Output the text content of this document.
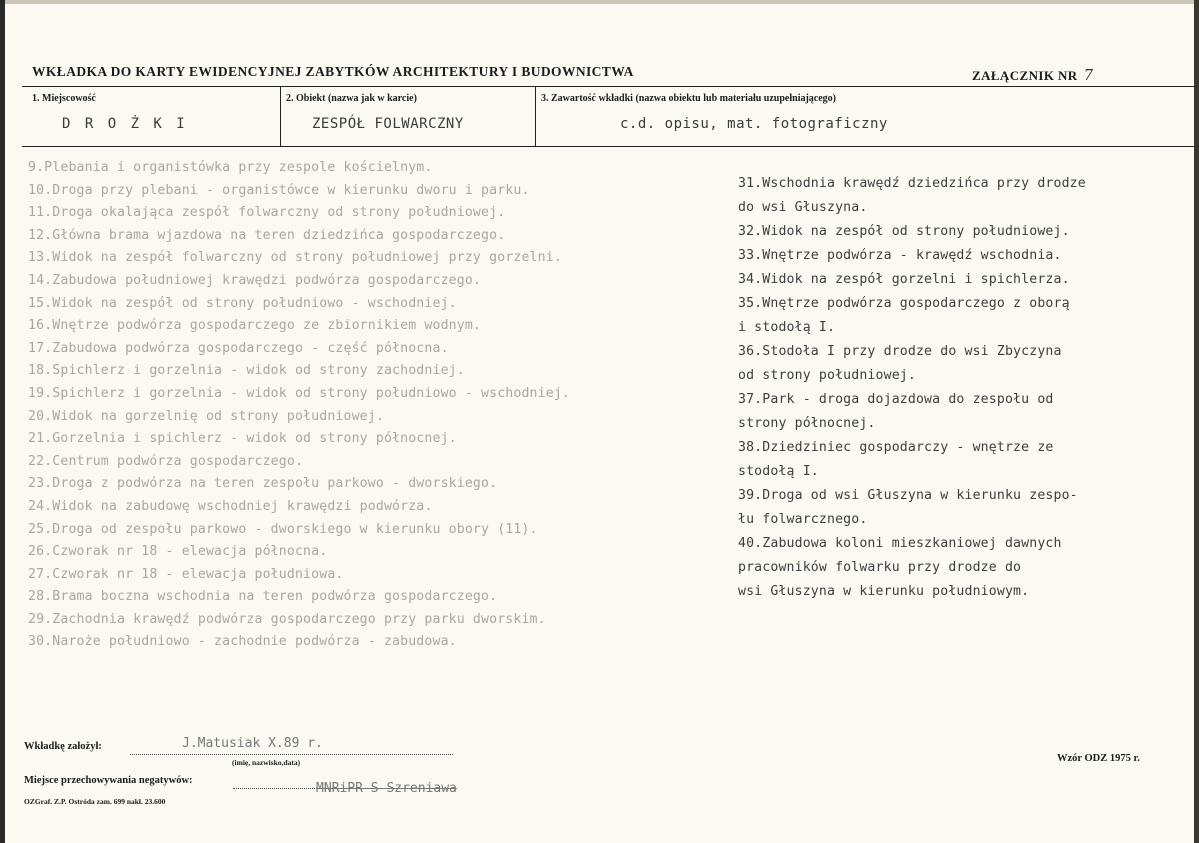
WKŁADKA DO KARTY EWIDENCYJNEJ ZABYTKÓW ARCHITEKTURY I BUDOWNICTWA	ZAŁĄCZNIK NR 7
1. Miejscowość	2. Obiekt (nazwa jak w karcie)	3. Zawartość wkładki (nazwa obiektu lub materiału uzupełniającego)
D R O Ż K I	ZESPÓŁ FOLWARCZNY	c.d. opisu, mat. fotograficzny
9.Plebania i organistówka przy zespole kościelnym.
10.Droga przy plebani - organistówce w kierunku dworu i parku.
11.Droga okalająca zespół folwarczny od strony południowej.
12.Główna brama wjazdowa na teren dziedzińca gospodarczego.
13.Widok na zespół folwarczny od strony południowej przy gorzelni.
14.Zabudowa południowej krawędzi podwórza gospodarczego.
15.Widok na zespół od strony południowo - wschodniej.
16.Wnętrze podwórza gospodarczego ze zbiornikiem wodnym.
17.Zabudowa podwórza gospodarczego - część północna.
18.Spichlerz i gorzelnia - widok od strony zachodniej.
19.Spichlerz i gorzelnia - widok od strony południowo - wschodniej.
20.Widok na gorzelnię od strony południowej.
21.Gorzelnia i spichlerz - widok od strony północnej.
22.Centrum podwórza gospodarczego.
23.Droga z podwórza na teren zespołu parkowo - dworskiego.
24.Widok na zabudowę wschodniej krawędzi podwórza.
25.Droga od zespołu parkowo - dworskiego w kierunku obory (11).
26.Czworak nr 18 - elewacja północna.
27.Czworak nr 18 - elewacja południowa.
28.Brama boczna wschodnia na teren podwórza gospodarczego.
29.Zachodnia krawędź podwórza gospodarczego przy parku dworskim.
30.Naroże południowo - zachodnie podwórza - zabudowa.
31.Wschodnia krawędź dziedzińca przy drodze
do wsi Głuszyna.
32.Widok na zespół od strony południowej.
33.Wnętrze podwórza - krawędź wschodnia.
34.Widok na zespół gorzelni i spichlerza.
35.Wnętrze podwórza gospodarczego z oborą
i stodołą I.
36.Stodoła I przy drodze do wsi Zbyczyna
od strony południowej.
37.Park - droga dojazdowa do zespołu od
strony północnej.
38.Dziedziniec gospodarczy - wnętrze ze
stodołą I.
39.Droga od wsi Głuszyna w kierunku zespo-
łu folwarcznego.
40.Zabudowa koloni mieszkaniowej dawnych
pracowników folwarku przy drodze do
wsi Głuszyna w kierunku południowym.
Wkładkę założył:	J.Matusiak X.89 r.
(imię, nazwisko,data)
Miejsce przechowywania negatywów:
MNRiPR-S Szreniawa
Wzór ODZ 1975 r.
OZGraf. Z.P. Ostróda zam. 699 nakł. 23.600
